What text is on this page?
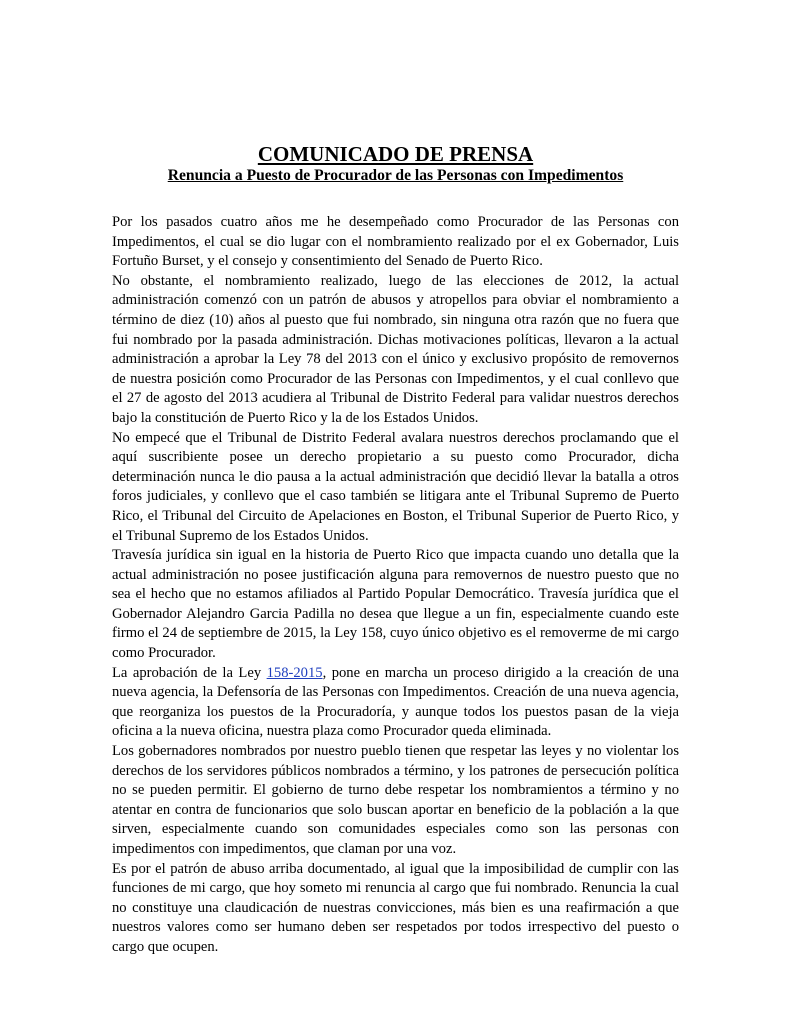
COMUNICADO DE PRENSA
Renuncia a Puesto de Procurador de las Personas con Impedimentos

Por los pasados cuatro años me he desempeñado como Procurador de las Personas con Impedimentos, el cual se dio lugar con el nombramiento realizado por el ex Gobernador, Luis Fortuño Burset, y el consejo y consentimiento del Senado de Puerto Rico.

No obstante, el nombramiento realizado, luego de las elecciones de 2012, la actual administración comenzó con un patrón de abusos y atropellos para obviar el nombramiento a término de diez (10) años al puesto que fui nombrado, sin ninguna otra razón que no fuera que fui nombrado por la pasada administración. Dichas motivaciones políticas, llevaron a la actual administración a aprobar la Ley 78 del 2013 con el único y exclusivo propósito de removernos de nuestra posición como Procurador de las Personas con Impedimentos, y el cual conllevo que el 27 de agosto del 2013 acudiera al Tribunal de Distrito Federal para validar nuestros derechos bajo la constitución de Puerto Rico y la de los Estados Unidos.

No empecé que el Tribunal de Distrito Federal avalara nuestros derechos proclamando que el aquí suscribiente posee un derecho propietario a su puesto como Procurador, dicha determinación nunca le dio pausa a la actual administración que decidió llevar la batalla a otros foros judiciales, y conllevo que el caso también se litigara ante el Tribunal Supremo de Puerto Rico, el Tribunal del Circuito de Apelaciones en Boston, el Tribunal Superior de Puerto Rico, y el Tribunal Supremo de los Estados Unidos.

Travesía jurídica sin igual en la historia de Puerto Rico que impacta cuando uno detalla que la actual administración no posee justificación alguna para removernos de nuestro puesto que no sea el hecho que no estamos afiliados al Partido Popular Democrático. Travesía jurídica que el Gobernador Alejandro Garcia Padilla no desea que llegue a un fin, especialmente cuando este firmo el 24 de septiembre de 2015, la Ley 158, cuyo único objetivo es el removerme de mi cargo como Procurador.

La aprobación de la Ley 158-2015, pone en marcha un proceso dirigido a la creación de una nueva agencia, la Defensoría de las Personas con Impedimentos. Creación de una nueva agencia, que reorganiza los puestos de la Procuradoría, y aunque todos los puestos pasan de la vieja oficina a la nueva oficina, nuestra plaza como Procurador queda eliminada.

Los gobernadores nombrados por nuestro pueblo tienen que respetar las leyes y no violentar los derechos de los servidores públicos nombrados a término, y los patrones de persecución política no se pueden permitir. El gobierno de turno debe respetar los nombramientos a término y no atentar en contra de funcionarios que solo buscan aportar en beneficio de la población a la que sirven, especialmente cuando son comunidades especiales como son las personas con impedimentos con impedimentos, que claman por una voz.

Es por el patrón de abuso arriba documentado, al igual que la imposibilidad de cumplir con las funciones de mi cargo, que hoy someto mi renuncia al cargo que fui nombrado. Renuncia la cual no constituye una claudicación de nuestras convicciones, más bien es una reafirmación a que nuestros valores como ser humano deben ser respetados por todos irrespectivo del puesto o cargo que ocupen.
